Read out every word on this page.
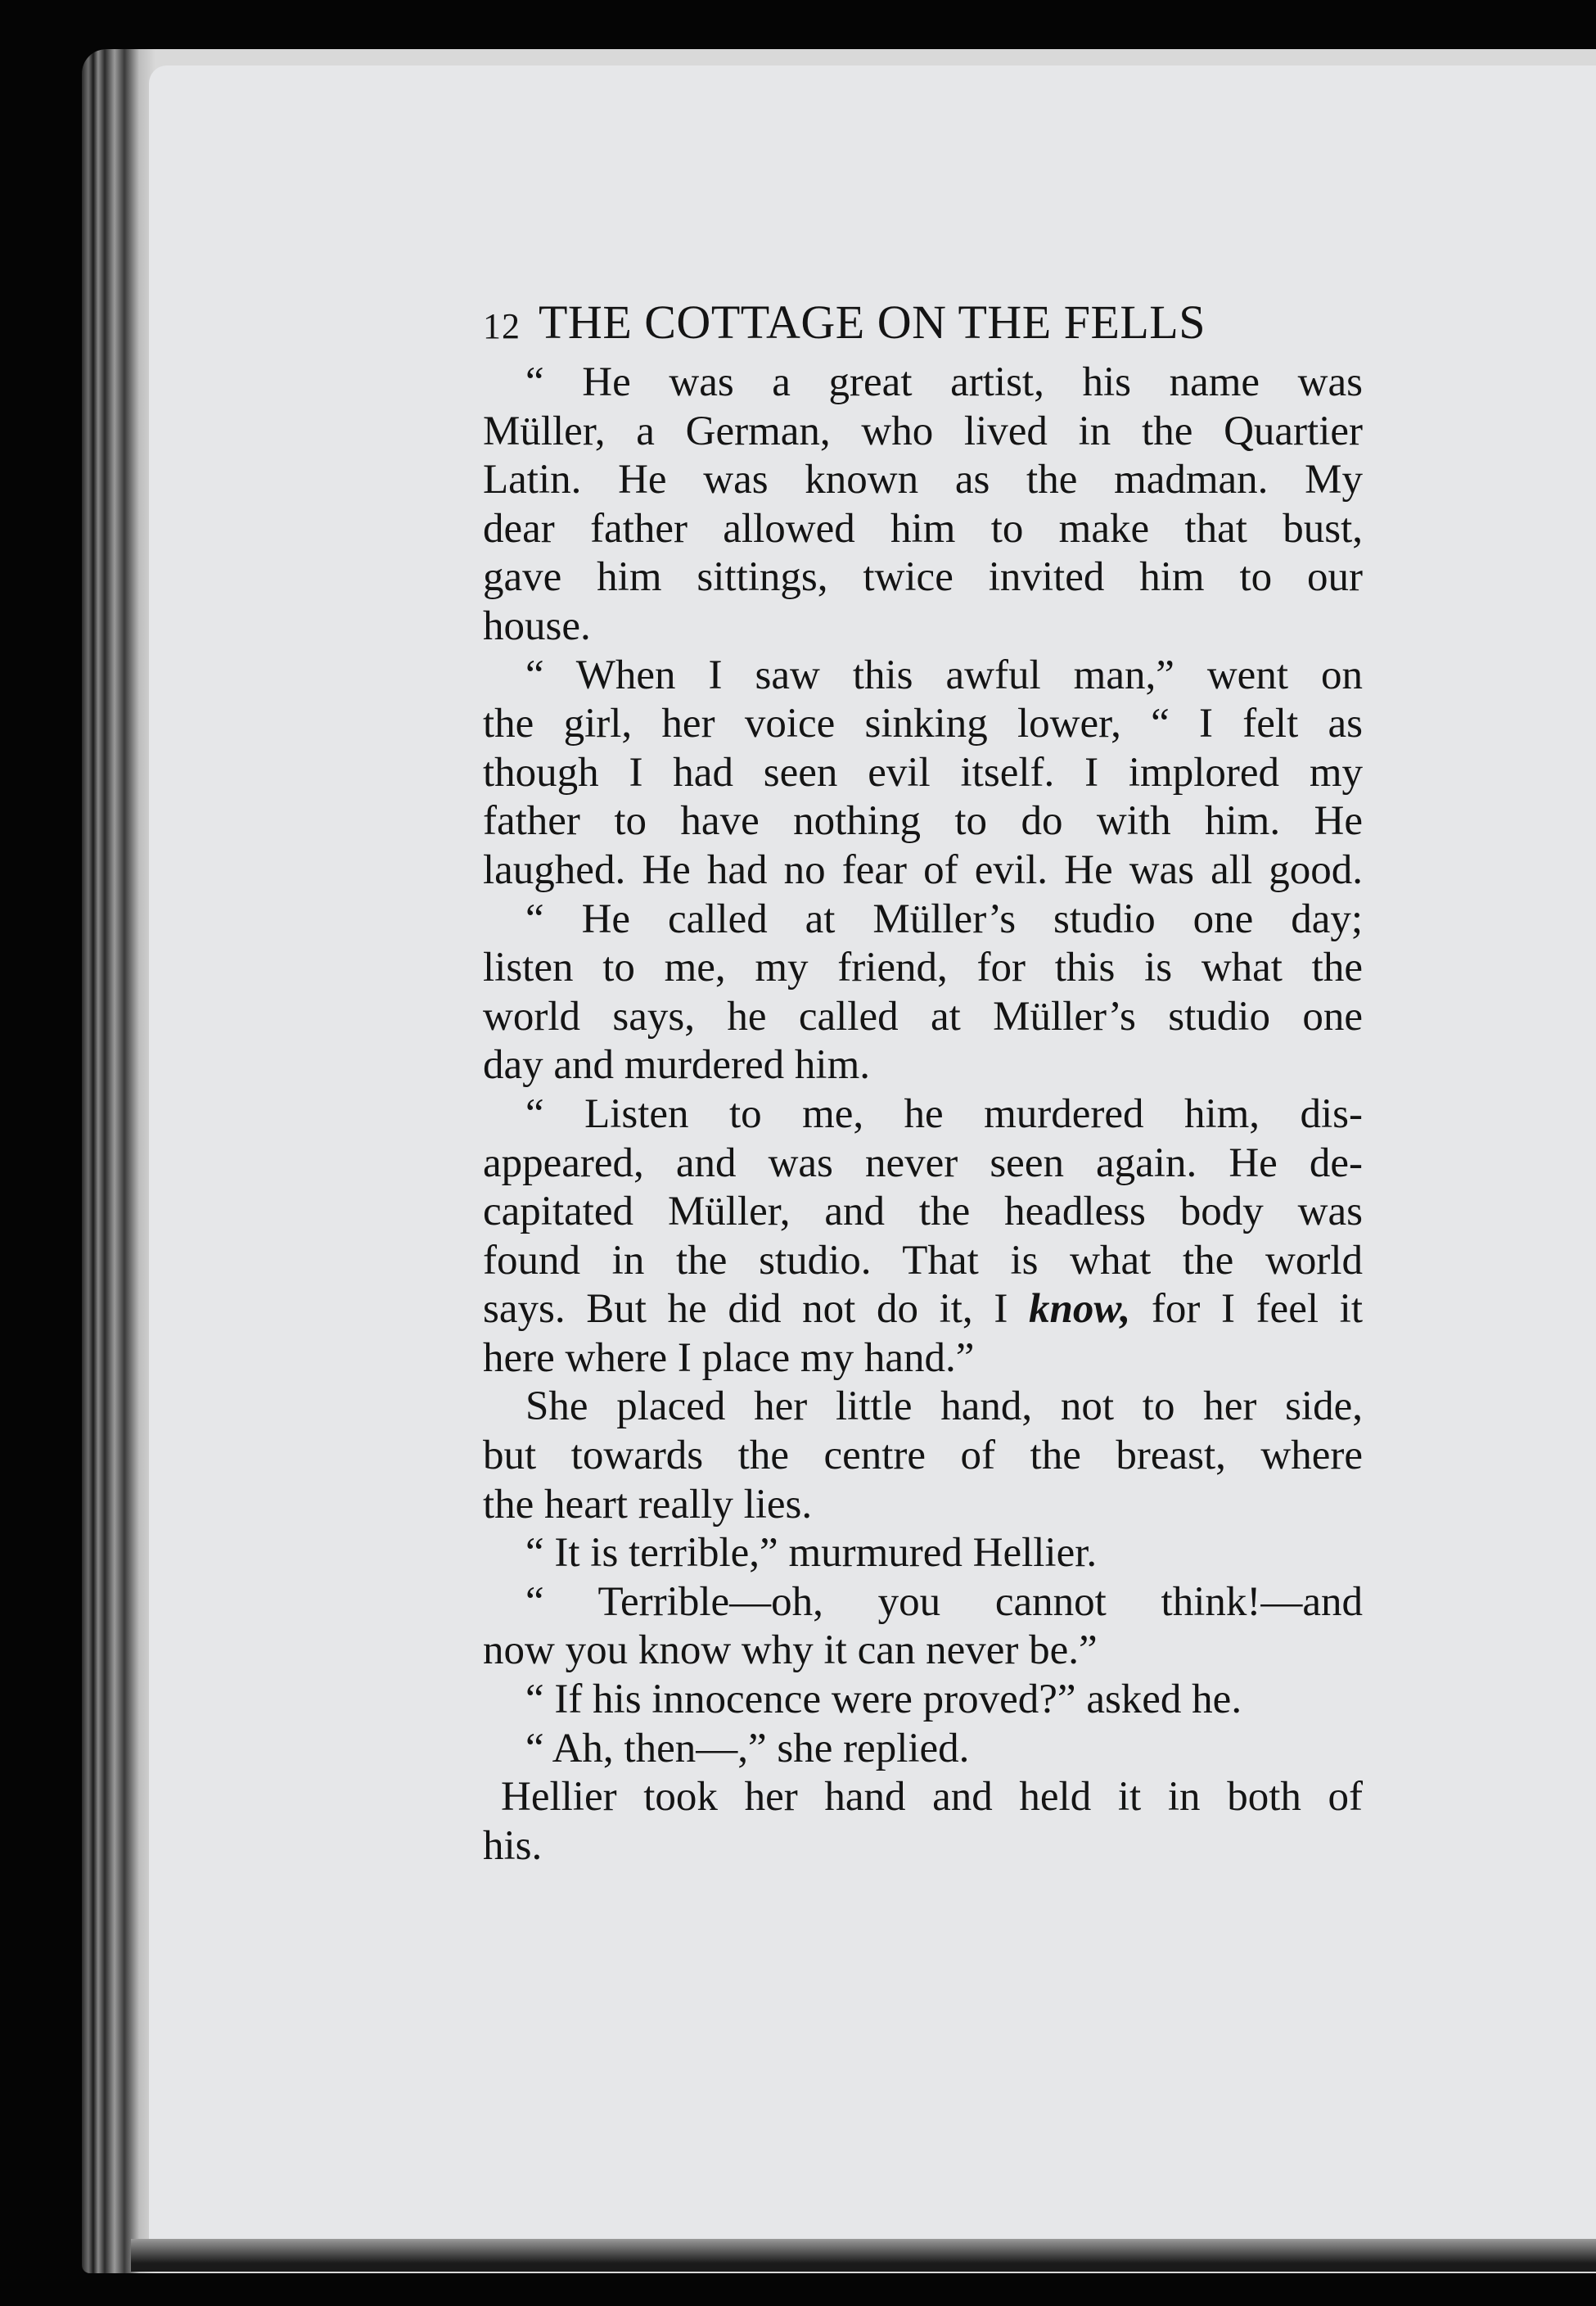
12 THE COTTAGE ON THE FELLS
“ He was a great artist, his name was
Müller, a German, who lived in the Quartier
Latin. He was known as the madman. My
dear father allowed him to make that bust,
gave him sittings, twice invited him to our
house.
“ When I saw this awful man,” went on
the girl, her voice sinking lower, “ I felt as
though I had seen evil itself. I implored my
father to have nothing to do with him. He
laughed. He had no fear of evil. He was all good.
“ He called at Müller’s studio one day;
listen to me, my friend, for this is what the
world says, he called at Müller’s studio one
day and murdered him.
“ Listen to me, he murdered him, dis-
appeared, and was never seen again. He de-
capitated Müller, and the headless body was
found in the studio. That is what the world
says. But he did not do it, I know, for I feel it
here where I place my hand.”
She placed her little hand, not to her side,
but towards the centre of the breast, where
the heart really lies.
“ It is terrible,” murmured Hellier.
“ Terrible—oh, you cannot think!—and
now you know why it can never be.”
“ If his innocence were proved?” asked he.
“ Ah, then—,” she replied.
Hellier took her hand and held it in both of
his.
